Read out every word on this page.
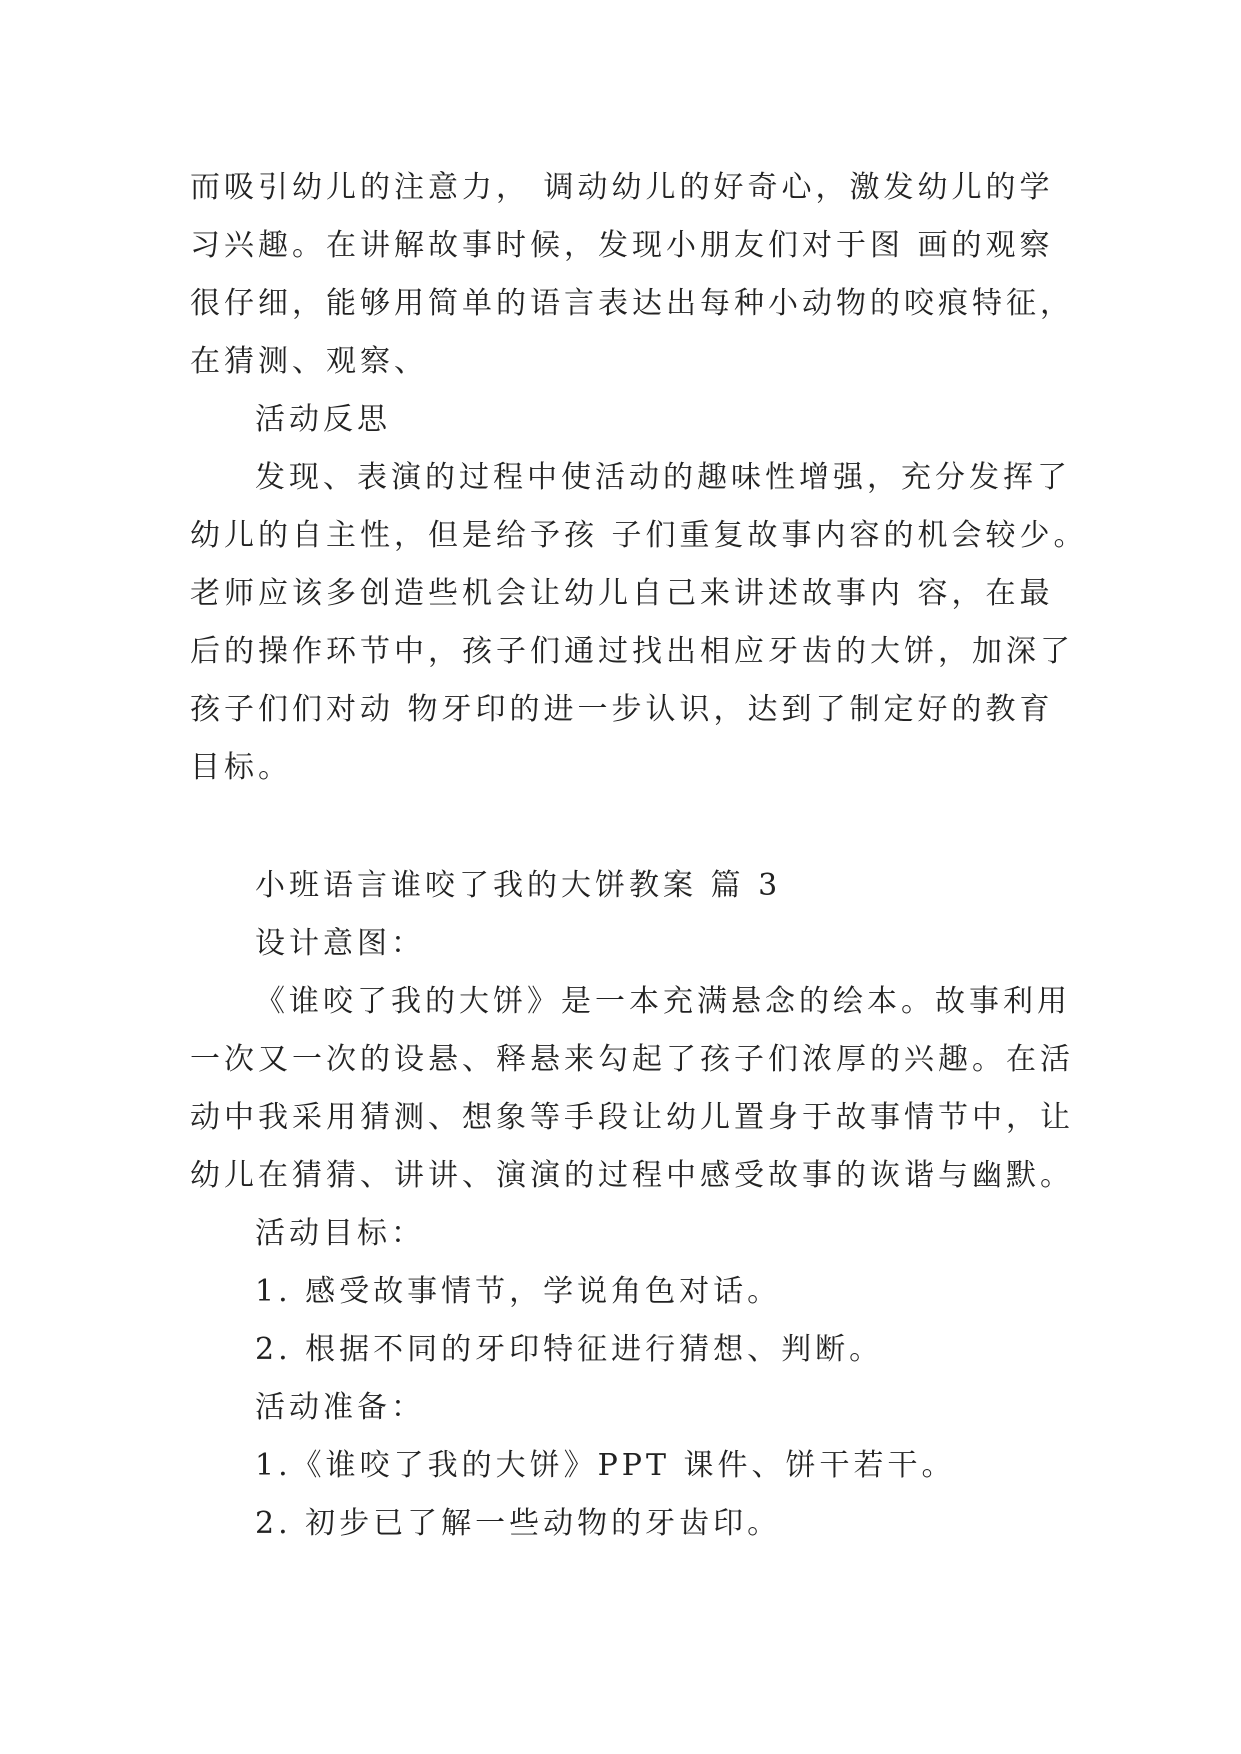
而吸引幼儿的注意力， 调动幼儿的好奇心，激发幼儿的学
习兴趣。在讲解故事时候，发现小朋友们对于图 画的观察
很仔细，能够用简单的语言表达出每种小动物的咬痕特征，
在猜测、观察、
活动反思
发现、表演的过程中使活动的趣味性增强，充分发挥了
幼儿的自主性，但是给予孩 子们重复故事内容的机会较少。
老师应该多创造些机会让幼儿自己来讲述故事内 容，在最
后的操作环节中，孩子们通过找出相应牙齿的大饼，加深了
孩子们们对动 物牙印的进一步认识，达到了制定好的教育
目标。
小班语言谁咬了我的大饼教案 篇 3
设计意图：
《谁咬了我的大饼》是一本充满悬念的绘本。故事利用
一次又一次的设悬、释悬来勾起了孩子们浓厚的兴趣。在活
动中我采用猜测、想象等手段让幼儿置身于故事情节中，让
幼儿在猜猜、讲讲、演演的过程中感受故事的诙谐与幽默。
活动目标：
1. 感受故事情节，学说角色对话。
2. 根据不同的牙印特征进行猜想、判断。
活动准备：
1.《谁咬了我的大饼》PPT 课件、饼干若干。
2. 初步已了解一些动物的牙齿印。
